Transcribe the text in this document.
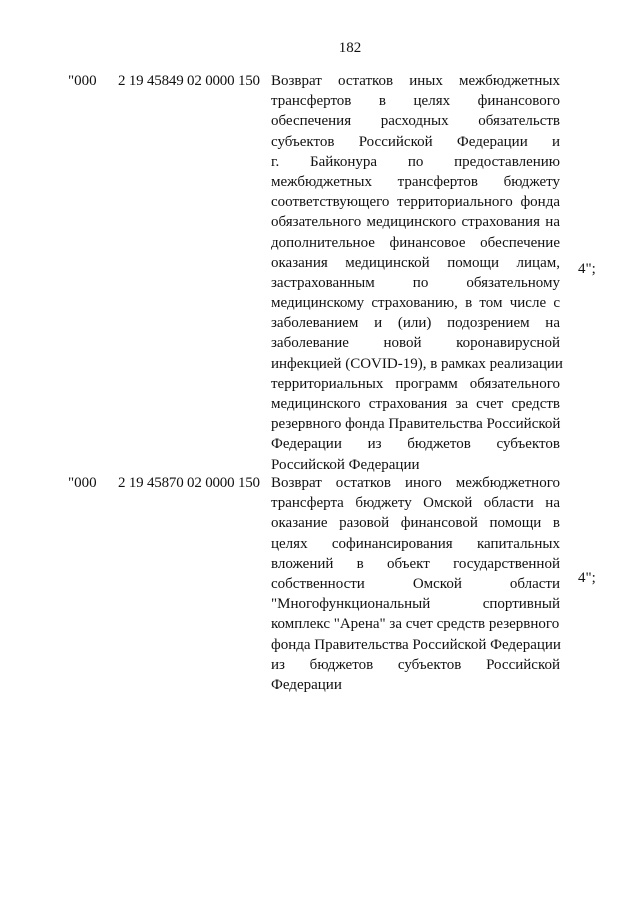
182
"000 2 19 45849 02 0000 150 Возврат остатков иных межбюджетных
трансфертов в целях финансового
обеспечения расходных обязательств
субъектов Российской Федерации и
г. Байконура по предоставлению
межбюджетных трансфертов бюджету
соответствующего территориального фонда
обязательного медицинского страхования на
дополнительное финансовое обеспечение
оказания медицинской помощи лицам,
застрахованным по обязательному
медицинскому страхованию, в том числе с
заболеванием и (или) подозрением на
заболевание новой коронавирусной
инфекцией (COVID-19), в рамках реализации
территориальных программ обязательного
медицинского страхования за счет средств
резервного фонда Правительства Российской
Федерации из бюджетов субъектов
Российской Федерации
4";
"000 2 19 45870 02 0000 150 Возврат остатков иного межбюджетного
трансферта бюджету Омской области на
оказание разовой финансовой помощи в
целях софинансирования капитальных
вложений в объект государственной
собственности Омской области
"Многофункциональный спортивный
комплекс "Арена" за счет средств резервного
фонда Правительства Российской Федерации
из бюджетов субъектов Российской
Федерации
4";
